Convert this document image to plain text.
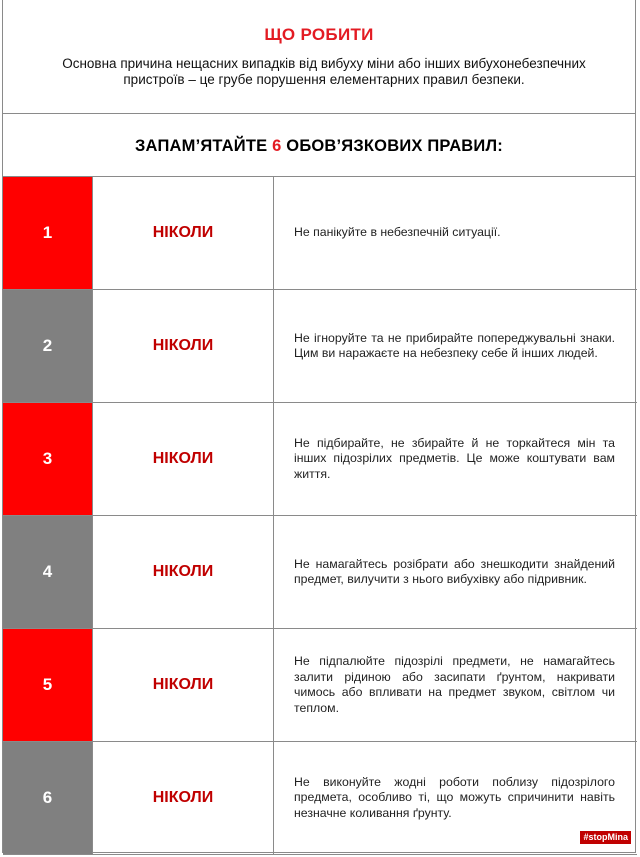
ЩО РОБИТИ
Основна причина нещасних випадків від вибуху міни або інших вибухонебезпечних пристроїв – це грубе порушення елементарних правил безпеки.
ЗАПАМ’ЯТАЙТЕ 6 ОБОВ’ЯЗКОВИХ ПРАВИЛ:
1	НІКОЛИ	Не панікуйте в небезпечній ситуації.
2	НІКОЛИ	Не ігноруйте та не прибирайте попереджувальні знаки. Цим ви наражаєте на небезпеку себе й інших людей.
3	НІКОЛИ	Не підбирайте, не збирайте й не торкайтеся мін та інших підозрілих предметів. Це може коштувати вам життя.
4	НІКОЛИ	Не намагайтесь розібрати або знешкодити знайдений предмет, вилучити з нього вибухівку або підривник.
5	НІКОЛИ	Не підпалюйте підозрілі предмети, не намагайтесь залити рідиною або засипати ґрунтом, накривати чимось або впливати на предмет звуком, світлом чи теплом.
6	НІКОЛИ	Не виконуйте жодні роботи поблизу підозрілого предмета, особливо ті, що можуть спричинити навіть незначне коливання ґрунту.
#stopMina
